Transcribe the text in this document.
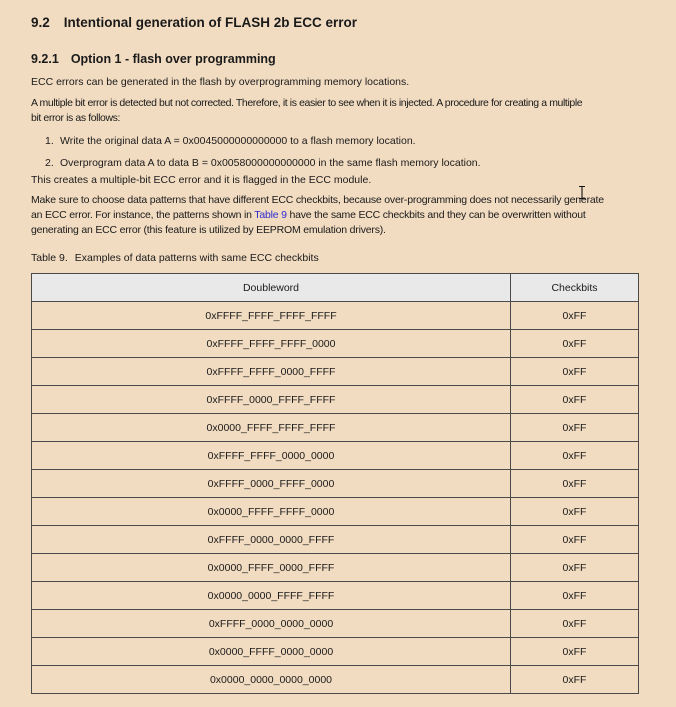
9.2 Intentional generation of FLASH 2b ECC error
9.2.1 Option 1 - flash over programming
ECC errors can be generated in the flash by overprogramming memory locations.
A multiple bit error is detected but not corrected. Therefore, it is easier to see when it is injected. A procedure for creating a multiple
bit error is as follows:
1. Write the original data A = 0x0045000000000000 to a flash memory location.
2. Overprogram data A to data B = 0x0058000000000000 in the same flash memory location.
This creates a multiple-bit ECC error and it is flagged in the ECC module.
Make sure to choose data patterns that have different ECC checkbits, because over-programming does not necessarily generate
an ECC error. For instance, the patterns shown in Table 9 have the same ECC checkbits and they can be overwritten without
generating an ECC error (this feature is utilized by EEPROM emulation drivers).
Table 9. Examples of data patterns with same ECC checkbits
Doubleword	Checkbits
0xFFFF_FFFF_FFFF_FFFF	0xFF
0xFFFF_FFFF_FFFF_0000	0xFF
0xFFFF_FFFF_0000_FFFF	0xFF
0xFFFF_0000_FFFF_FFFF	0xFF
0x0000_FFFF_FFFF_FFFF	0xFF
0xFFFF_FFFF_0000_0000	0xFF
0xFFFF_0000_FFFF_0000	0xFF
0x0000_FFFF_FFFF_0000	0xFF
0xFFFF_0000_0000_FFFF	0xFF
0x0000_FFFF_0000_FFFF	0xFF
0x0000_0000_FFFF_FFFF	0xFF
0xFFFF_0000_0000_0000	0xFF
0x0000_FFFF_0000_0000	0xFF
0x0000_0000_0000_0000	0xFF
